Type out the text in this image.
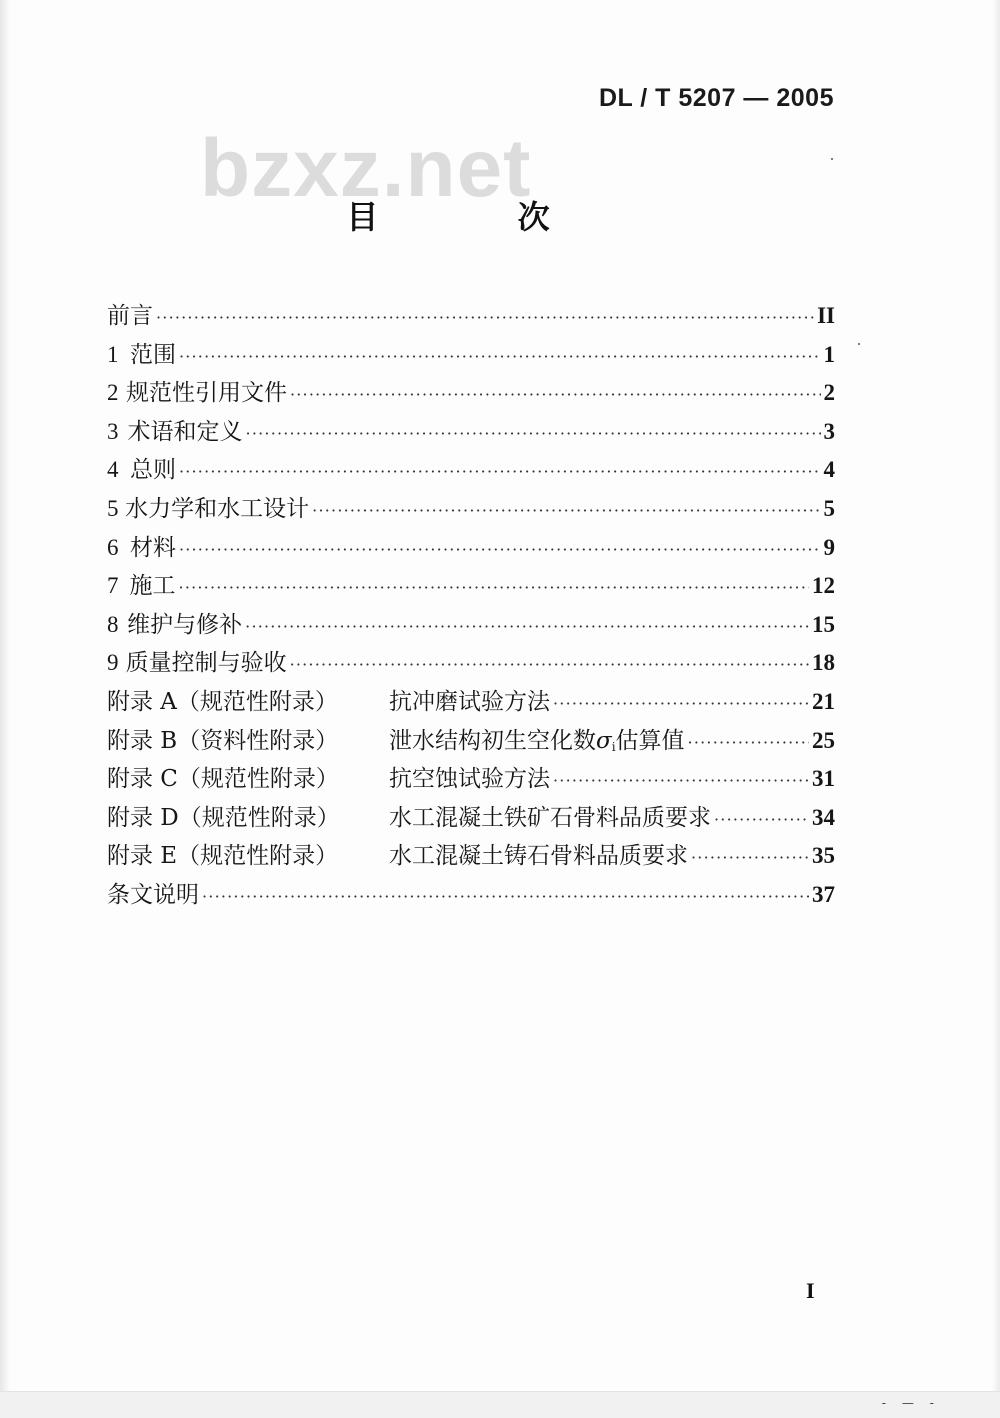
DL / T 5207 — 2005
bzxz.net
目 次
前言 ·····	II
1 范围 ·····	1
2 规范性引用文件 ·····	2
3 术语和定义 ·····	3
4 总则 ·····	4
5 水力学和水工设计 ·····	5
6 材料 ·····	9
7 施工 ·····	12
8 维护与修补 ·····	15
9 质量控制与验收 ·····	18
附录 A（规范性附录）	抗冲磨试验方法 ·····	21
附录 B（资料性附录）	泄水结构初生空化数$\sigma_i$估算值 ·····	25
附录 C（规范性附录）	抗空蚀试验方法 ·····	31
附录 D（规范性附录）	水工混凝土铁矿石骨料品质要求 ·····	34
附录 E（规范性附录）	水工混凝土铸石骨料品质要求 ·····	35
条文说明 ·····	37
I
- — -
